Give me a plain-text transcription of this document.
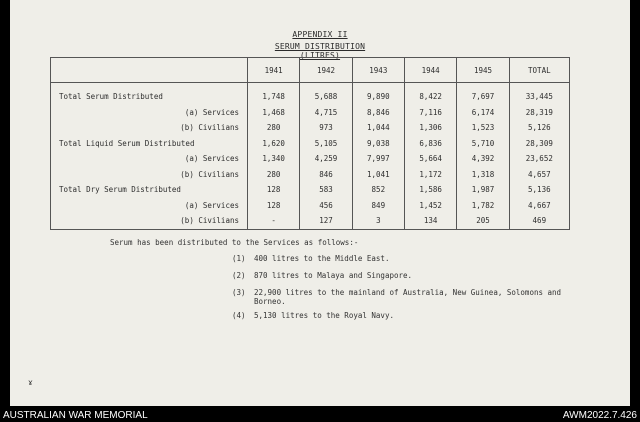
APPENDIX II
SERUM DISTRIBUTION (LITRES)
	1941	1942	1943	1944	1945	TOTAL
Total Serum Distributed	1,748	5,688	9,890	8,422	7,697	33,445
(a) Services	1,468	4,715	8,846	7,116	6,174	28,319
(b) Civilians	280	973	1,044	1,306	1,523	5,126
Total Liquid Serum Distributed	1,620	5,105	9,038	6,836	5,710	28,309
(a) Services	1,340	4,259	7,997	5,664	4,392	23,652
(b) Civilians	280	846	1,041	1,172	1,318	4,657
Total Dry Serum Distributed	128	583	852	1,586	1,987	5,136
(a) Services	128	456	849	1,452	1,782	4,667
(b) Civilians	-	127	3	134	205	469
Serum has been distributed to the Services as follows:-
(1) 400 litres to the Middle East.
(2) 870 litres to Malaya and Singapore.
(3) 22,900 litres to the mainland of Australia, New Guinea, Solomons and
Borneo.
(4) 5,130 litres to the Royal Navy.
ɤ
AUSTRALIAN WAR MEMORIAL	AWM2022.7.426
